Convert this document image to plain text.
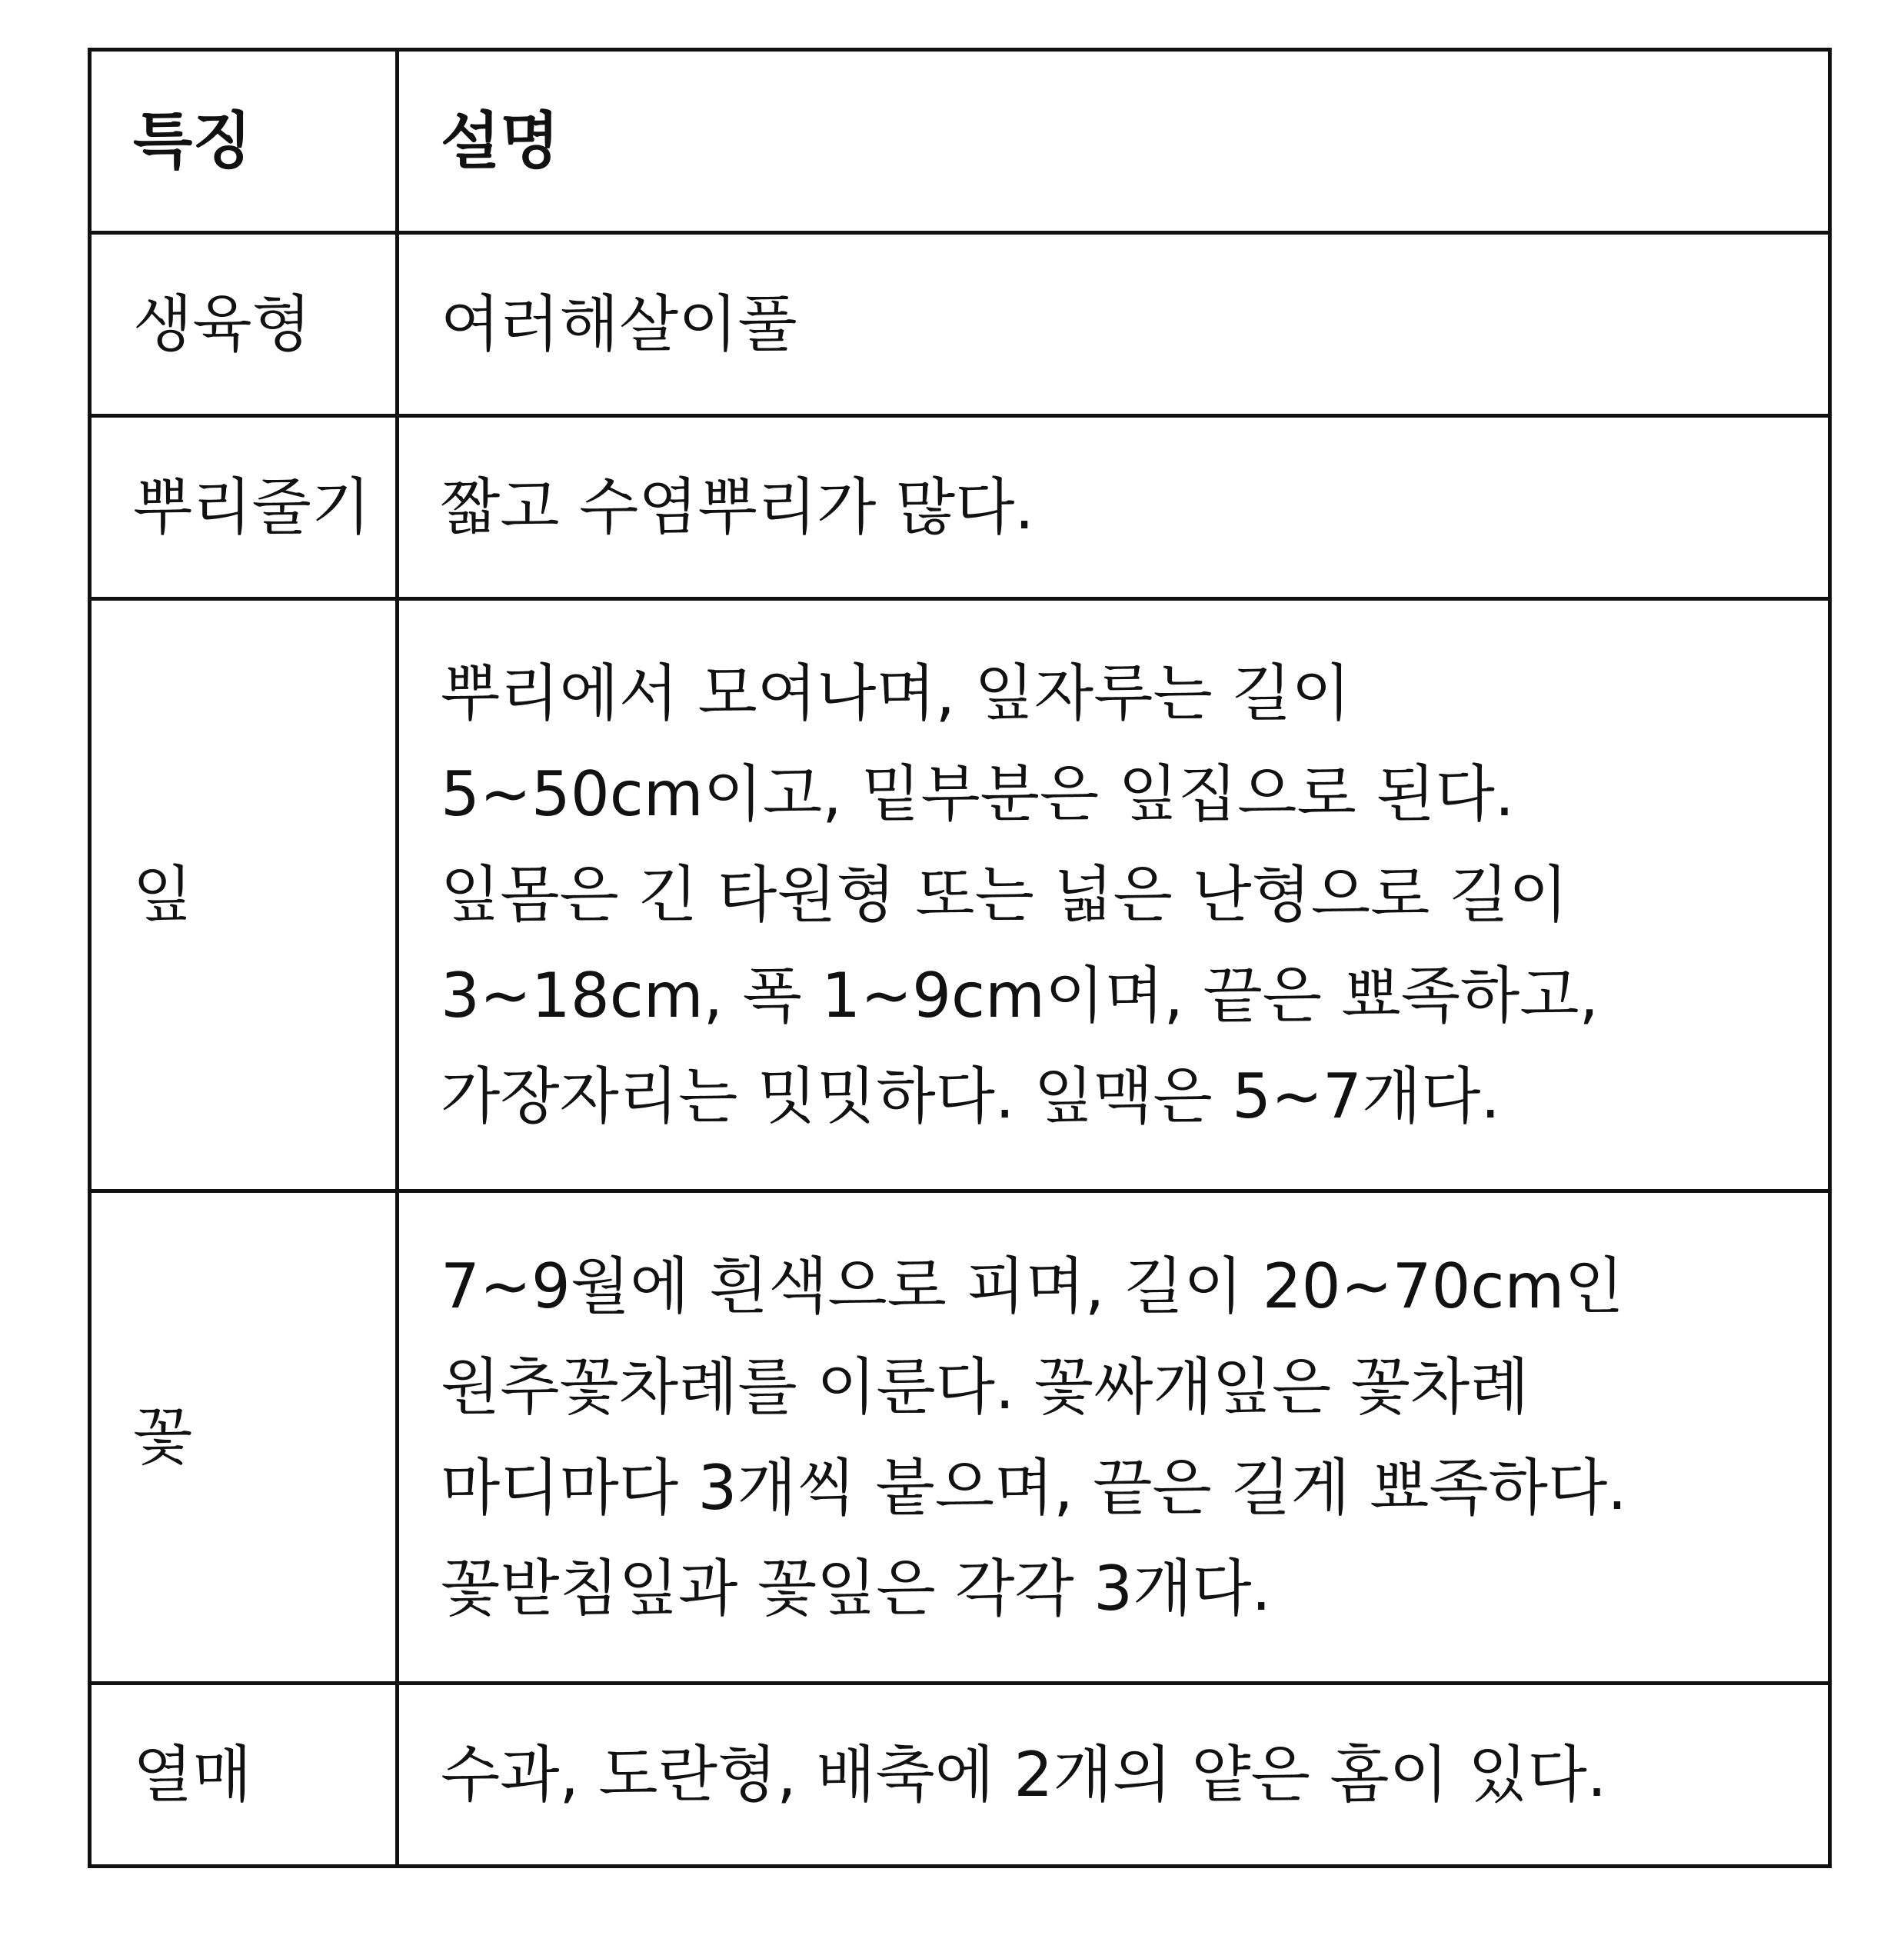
특징	설명
생육형	여러해살이풀
뿌리줄기	짧고 수염뿌리가 많다.
잎	뿌리에서 모여나며, 잎자루는 길이
5~50cm이고, 밑부분은 잎집으로 된다.
잎몸은 긴 타원형 또는 넓은 난형으로 길이
3~18cm, 폭 1~9cm이며, 끝은 뾰족하고,
가장자리는 밋밋하다. 잎맥은 5~7개다.
꽃	7~9월에 흰색으로 피며, 길이 20~70cm인
원추꽃차례를 이룬다. 꽃싸개잎은 꽃차례
마디마다 3개씩 붙으며, 끝은 길게 뾰족하다.
꽃받침잎과 꽃잎은 각각 3개다.
열매	수과, 도란형, 배축에 2개의 얕은 홈이 있다.
